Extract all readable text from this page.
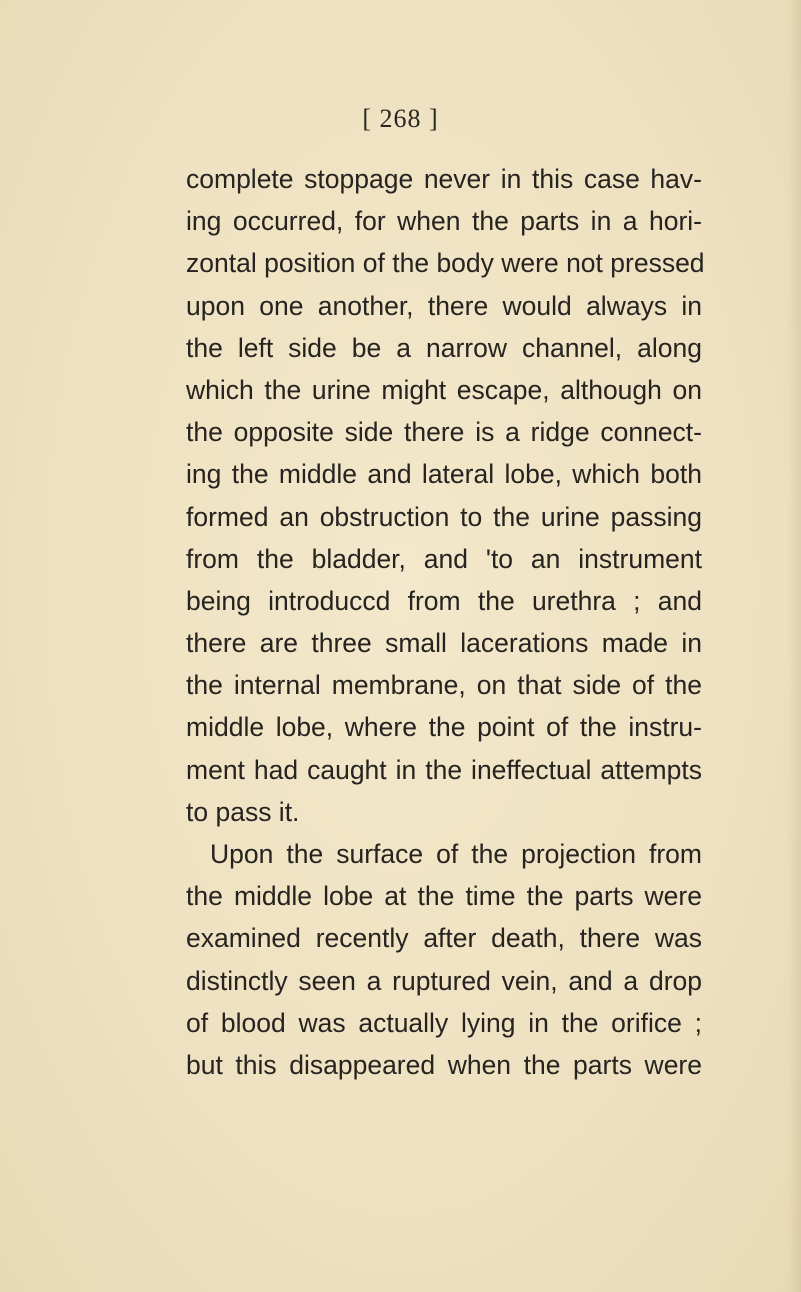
[ 268 ]
complete stoppage never in this case hav-
ing occurred, for when the parts in a hori-
zontal position of the body were not pressed
upon one another, there would always in
the left side be a narrow channel, along
which the urine might escape, although on
the opposite side there is a ridge connect-
ing the middle and lateral lobe, which both
formed an obstruction to the urine passing
from the bladder, and 'to an instrument
being introduccd from the urethra ; and
there are three small lacerations made in
the internal membrane, on that side of the
middle lobe, where the point of the instru-
ment had caught in the ineffectual attempts
to pass it.
Upon the surface of the projection from
the middle lobe at the time the parts were
examined recently after death, there was
distinctly seen a ruptured vein, and a drop
of blood was actually lying in the orifice ;
but this disappeared when the parts were
